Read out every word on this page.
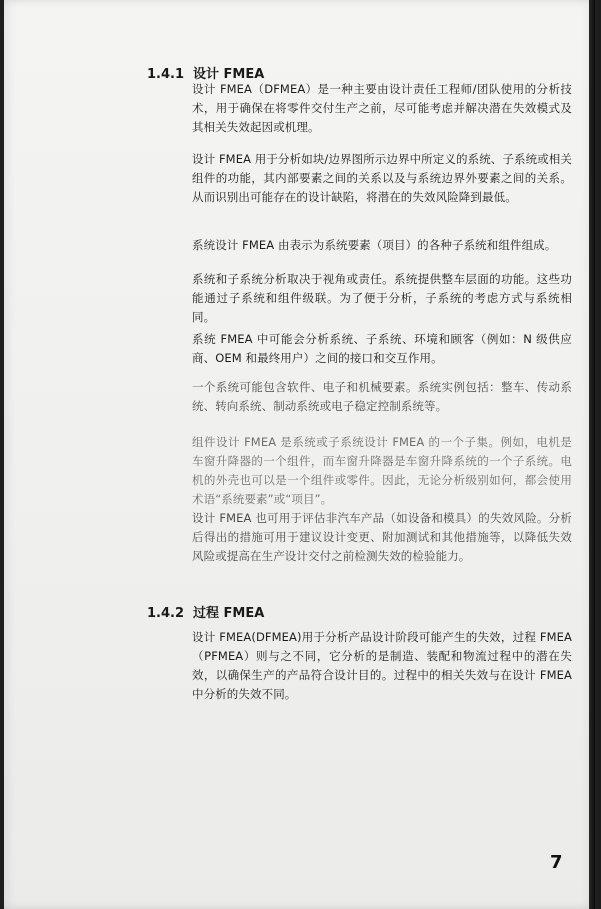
1.4.1 设计 FMEA
设计 FMEA（DFMEA）是一种主要由设计责任工程师/团队使用的分析技术，用于确保在将零件交付生产之前，尽可能考虑并解决潜在失效模式及其相关失效起因或机理。
设计 FMEA 用于分析如块/边界图所示边界中所定义的系统、子系统或相关组件的功能，其内部要素之间的关系以及与系统边界外要素之间的关系。从而识别出可能存在的设计缺陷，将潜在的失效风险降到最低。
系统设计 FMEA 由表示为系统要素（项目）的各种子系统和组件组成。
系统和子系统分析取决于视角或责任。系统提供整车层面的功能。这些功能通过子系统和组件级联。为了便于分析，子系统的考虑方式与系统相同。
系统 FMEA 中可能会分析系统、子系统、环境和顾客（例如：N 级供应商、OEM 和最终用户）之间的接口和交互作用。
一个系统可能包含软件、电子和机械要素。系统实例包括：整车、传动系统、转向系统、制动系统或电子稳定控制系统等。
组件设计 FMEA 是系统或子系统设计 FMEA 的一个子集。例如，电机是车窗升降器的一个组件，而车窗升降器是车窗升降系统的一个子系统。电机的外壳也可以是一个组件或零件。因此，无论分析级别如何，都会使用术语“系统要素”或“项目”。
设计 FMEA 也可用于评估非汽车产品（如设备和模具）的失效风险。分析后得出的措施可用于建议设计变更、附加测试和其他措施等，以降低失效风险或提高在生产设计交付之前检测失效的检验能力。
1.4.2 过程 FMEA
设计 FMEA(DFMEA)用于分析产品设计阶段可能产生的失效，过程 FMEA（PFMEA）则与之不同，它分析的是制造、装配和物流过程中的潜在失效，以确保生产的产品符合设计目的。过程中的相关失效与在设计 FMEA 中分析的失效不同。
7
